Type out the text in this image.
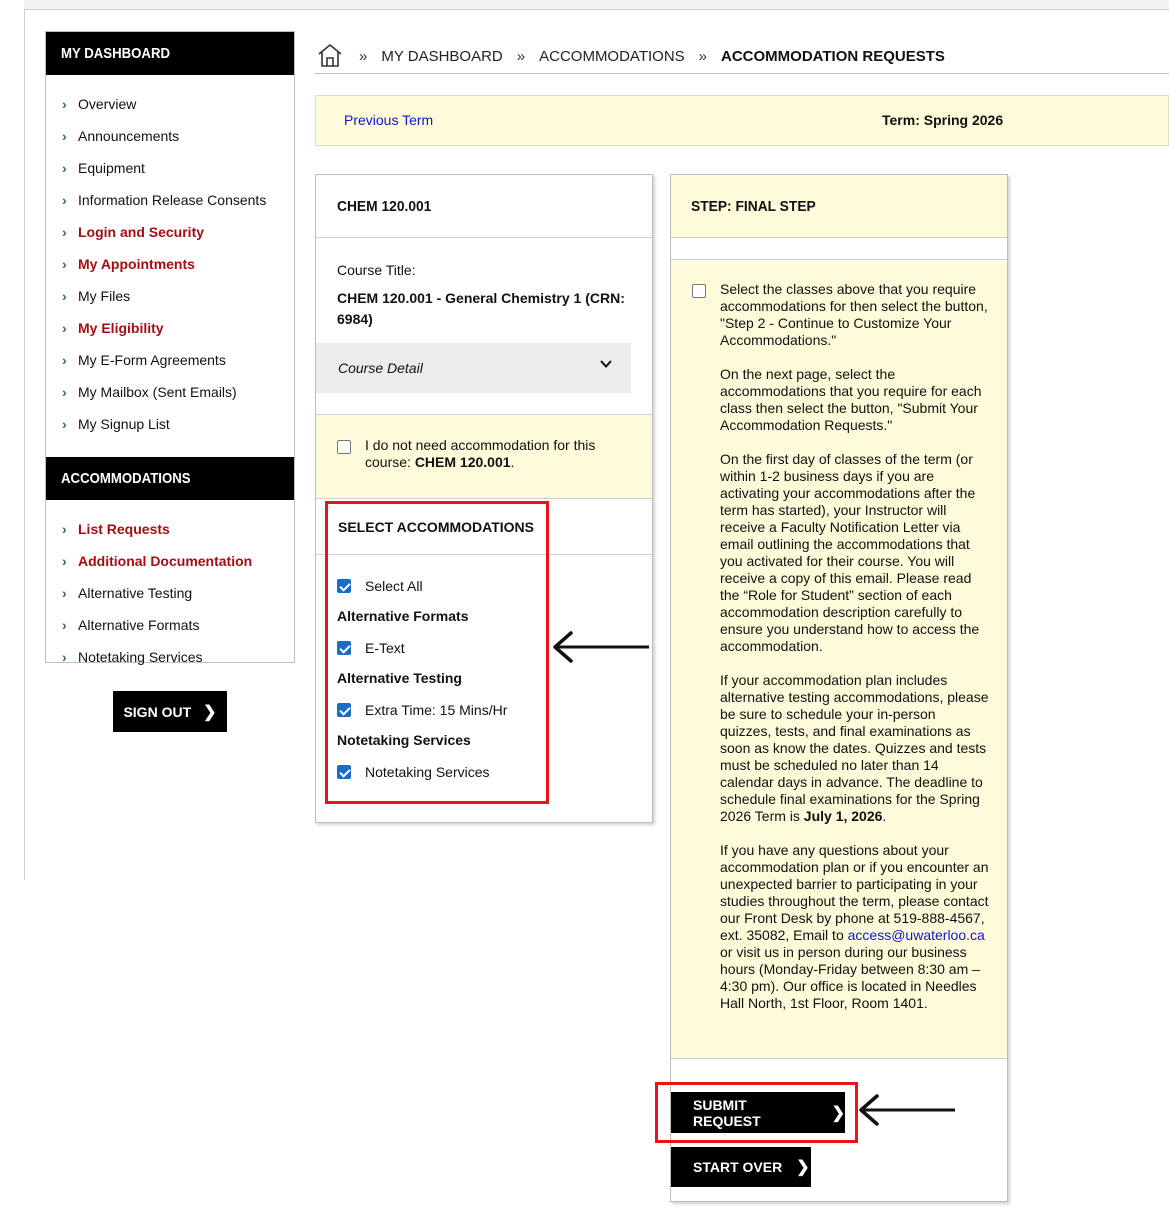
MY DASHBOARD
› Overview
› Announcements
› Equipment
› Information Release Consents
› Login and Security
› My Appointments
› My Files
› My Eligibility
› My E-Form Agreements
› My Mailbox (Sent Emails)
› My Signup List
ACCOMMODATIONS
› List Requests
› Additional Documentation
› Alternative Testing
› Alternative Formats
› Notetaking Services
SIGN OUT ❯
» MY DASHBOARD » ACCOMMODATIONS » ACCOMMODATION REQUESTS
Previous Term	Term: Spring 2026
CHEM 120.001
Course Title:
CHEM 120.001 - General Chemistry 1 (CRN: 6984)
Course Detail
I do not need accommodation for this course: CHEM 120.001.
SELECT ACCOMMODATIONS
Select All
Alternative Formats
E-Text
Alternative Testing
Extra Time: 15 Mins/Hr
Notetaking Services
Notetaking Services
STEP: FINAL STEP

Select the classes above that you require accommodations for then select the button, "Step 2 - Continue to Customize Your Accommodations."

On the next page, select the accommodations that you require for each class then select the button, "Submit Your Accommodation Requests."

On the first day of classes of the term (or within 1-2 business days if you are activating your accommodations after the term has started), your Instructor will receive a Faculty Notification Letter via email outlining the accommodations that you activated for their course. You will receive a copy of this email. Please read the “Role for Student” section of each accommodation description carefully to ensure you understand how to access the accommodation.

If your accommodation plan includes alternative testing accommodations, please be sure to schedule your in-person quizzes, tests, and final examinations as soon as know the dates. Quizzes and tests must be scheduled no later than 14 calendar days in advance. The deadline to schedule final examinations for the Spring 2026 Term is July 1, 2026.

If you have any questions about your accommodation plan or if you encounter an unexpected barrier to participating in your studies throughout the term, please contact our Front Desk by phone at 519-888-4567, ext. 35082, Email to access@uwaterloo.ca or visit us in person during our business hours (Monday-Friday between 8:30 am – 4:30 pm). Our office is located in Needles Hall North, 1st Floor, Room 1401.

SUBMIT REQUEST	❯
START OVER ❯
